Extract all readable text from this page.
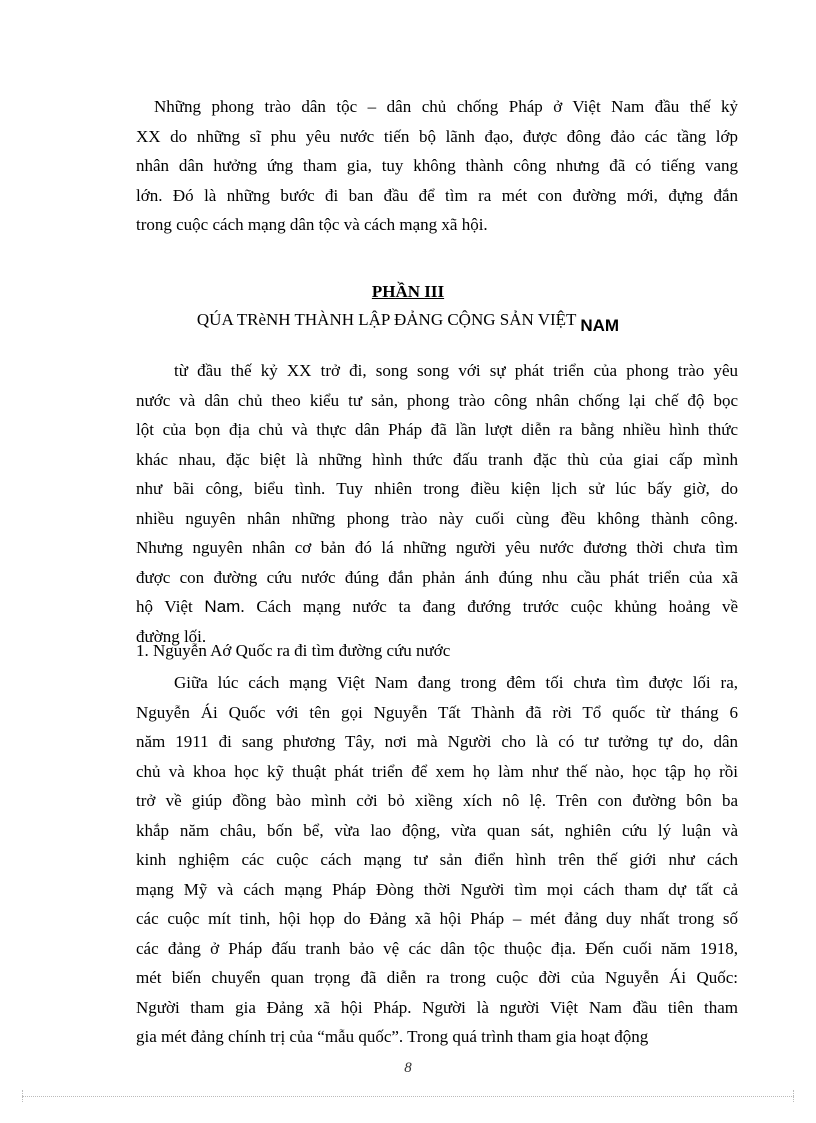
Những phong trào dân tộc – dân chủ chống Pháp ở Việt Nam đầu thế kỷ
XX do những sĩ phu yêu nước tiến bộ lãnh đạo, được đông đảo các tầng lớp
nhân dân hưởng ứng tham gia, tuy không thành công nhưng đã có tiếng vang
lớn. Đó là những bước đi ban đầu để tìm ra mét con đường mới, đựng đắn
trong cuộc cách mạng dân tộc và cách mạng xã hội.
PHẦN III
QÚA TRèNH THÀNH LẬP ĐẢNG CỘNG SẢN VIỆT NAM
từ đầu thế kỷ XX trở đi, song song với sự phát triển của phong trào yêu
nước và dân chủ theo kiểu tư sản, phong trào công nhân chống lại chế độ bọc
lột của bọn địa chủ và thực dân Pháp đã lần lượt diễn ra bằng nhiều hình thức
khác nhau, đặc biệt là những hình thức đấu tranh đặc thù của giai cấp mình
như bãi công, biểu tình. Tuy nhiên trong điều kiện lịch sử lúc bấy giờ, do
nhiều nguyên nhân những phong trào này cuối cùng đều không thành công.
Nhưng nguyên nhân cơ bản đó lá những người yêu nước đương thời chưa tìm
được con đường cứu nước đúng đắn phản ánh đúng nhu cầu phát triển của xã
hộ Việt Nam. Cách mạng nước ta đang đướng trước cuộc khủng hoảng về
đường lối.
1. Nguyễn Aớ Quốc ra đi tìm đường cứu nước
Giữa lúc cách mạng Việt Nam đang trong đêm tối chưa tìm được lối ra,
Nguyễn Ái Quốc với tên gọi Nguyễn Tất Thành đã rời Tổ quốc từ tháng 6
năm 1911 đi sang phương Tây, nơi mà Người cho là có tư tưởng tự do, dân
chủ và khoa học kỹ thuật phát triển để xem họ làm như thế nào, học tập họ rồi
trở về giúp đồng bào mình cởi bỏ xiềng xích nô lệ. Trên con đường bôn ba
khắp năm châu, bốn bể, vừa lao động, vừa quan sát, nghiên cứu lý luận và
kinh nghiệm các cuộc cách mạng tư sản điển hình trên thế giới như cách
mạng Mỹ và cách mạng Pháp Đòng thời Người tìm mọi cách tham dự tất cả
các cuộc mít tinh, hội họp do Đảng xã hội Pháp – mét đảng duy nhất trong số
các đảng ở Pháp đấu tranh bảo vệ các dân tộc thuộc địa. Đến cuối năm 1918,
mét biến chuyển quan trọng đã diễn ra trong cuộc đời của Nguyễn Ái Quốc:
Người tham gia Đảng xã hội Pháp. Người là người Việt Nam đầu tiên tham
gia mét đảng chính trị của “mẫu quốc”. Trong quá trình tham gia hoạt động
8
